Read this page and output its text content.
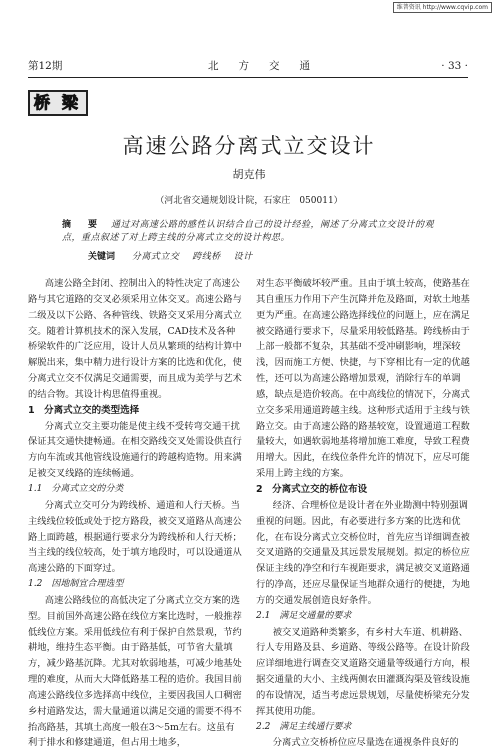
维普资讯 http://www.cqvip.com
第12期	北方交通	· 33 ·
桥 梁
高速公路分离式立交设计
胡克伟
（河北省交通规划设计院，石家庄　050011）
摘　要 通过对高速公路的感性认识结合自己的设计经验，阐述了分离式立交设计的观点，重点叙述了对上跨主线的分离式立交的设计构思。
关键词 分离式立交 跨线桥 设计

高速公路全封闭、控制出入的特性决定了高速公路与其它道路的交叉必须采用立体交叉。高速公路与二级及以下公路、各种管线、铁路交叉采用分离式立交。随着计算机技术的深入发展，CAD技术及各种桥梁软件的广泛应用，设计人员从繁琐的结构计算中解脱出来，集中精力进行设计方案的比选和优化，使分离式立交不仅满足交通需要，而且成为美学与艺术的结合物。其设计构思值得重视。

1　分离式立交的类型选择

分离式立交主要功能是使主线不受转弯交通干扰保证其交通快捷畅通。在相交路线交叉处需设供直行方向车流或其他管线设施通行的跨越构造物。用来满足被交叉线路的连续畅通。

1.1　分离式立交的分类

分离式立交可分为跨线桥、通道和人行天桥。当主线线位较低或处于挖方路段，被交叉道路从高速公路上面跨越，根据通行要求分为跨线桥和人行天桥；当主线的线位较高，处于填方地段时，可以设通道从高速公路的下面穿过。

1.2　因地制宜合理选型

高速公路线位的高低决定了分离式立交方案的选型。目前国外高速公路在线位方案比选时，一般推荐低线位方案。采用低线位有利于保护自然景观，节约耕地，维持生态平衡。由于路基低，可节省大量填方，减少路基沉降。尤其对软弱地基，可减少地基处理的难度，从而大大降低路基工程的造价。我国目前高速公路线位多选择高中线位，主要因我国人口稠密乡村道路发达，需大量通道以满足交通的需要不得不抬高路基，其填土高度一般在3～5m左右。这虽有利于排水和修建通道，但占用土地多，

对生态平衡破坏较严重。且由于填土较高，使路基在其自重压力作用下产生沉降并危及路面，对软土地基更为严重。在高速公路选择线位的问题上，应在满足被交路通行要求下，尽量采用较低路基。跨线桥由于上部一般都不复杂，其基础不受冲刷影响，埋深较浅，因而施工方便、快捷，与下穿相比有一定的优越性，还可以为高速公路增加景观，消除行车的单调感，缺点是造价较高。在中高线位的情况下，分离式立交多采用通道跨越主线。这种形式适用于主线与铁路立交。由于高速公路的路基较宽，设置通道工程数量较大，如遇软弱地基将增加施工难度，导致工程费用增大。因此，在线位条件允许的情况下，应尽可能采用上跨主线的方案。

2　分离式立交的桥位布设

经济、合理桥位是设计者在外业勘测中特别强调重视的问题。因此，有必要进行多方案的比选和优化，在布设分离式立交桥位时，首先应当详细调查被交叉道路的交通量及其远景发展规划。拟定的桥位应保证主线的净空和行车视距要求，满足被交叉道路通行的净高，还应尽量保证当地群众通行的便捷，为地方的交通发展创造良好条件。

2.1　满足交通量的要求

被交叉道路种类繁多，有乡村大车道、机耕路、行人专用路及县、乡道路、等级公路等。在设计阶段应详细地进行调查交叉道路交通量等级通行方向，根据交通量的大小、主线两侧农田灌溉沟渠及管线设施的布设情况，适当考虑远景规划，尽量使桥梁充分发挥其使用功能。

2.2　满足主线通行要求

分离式立交桥桥位应尽量选在通视条件良好的
